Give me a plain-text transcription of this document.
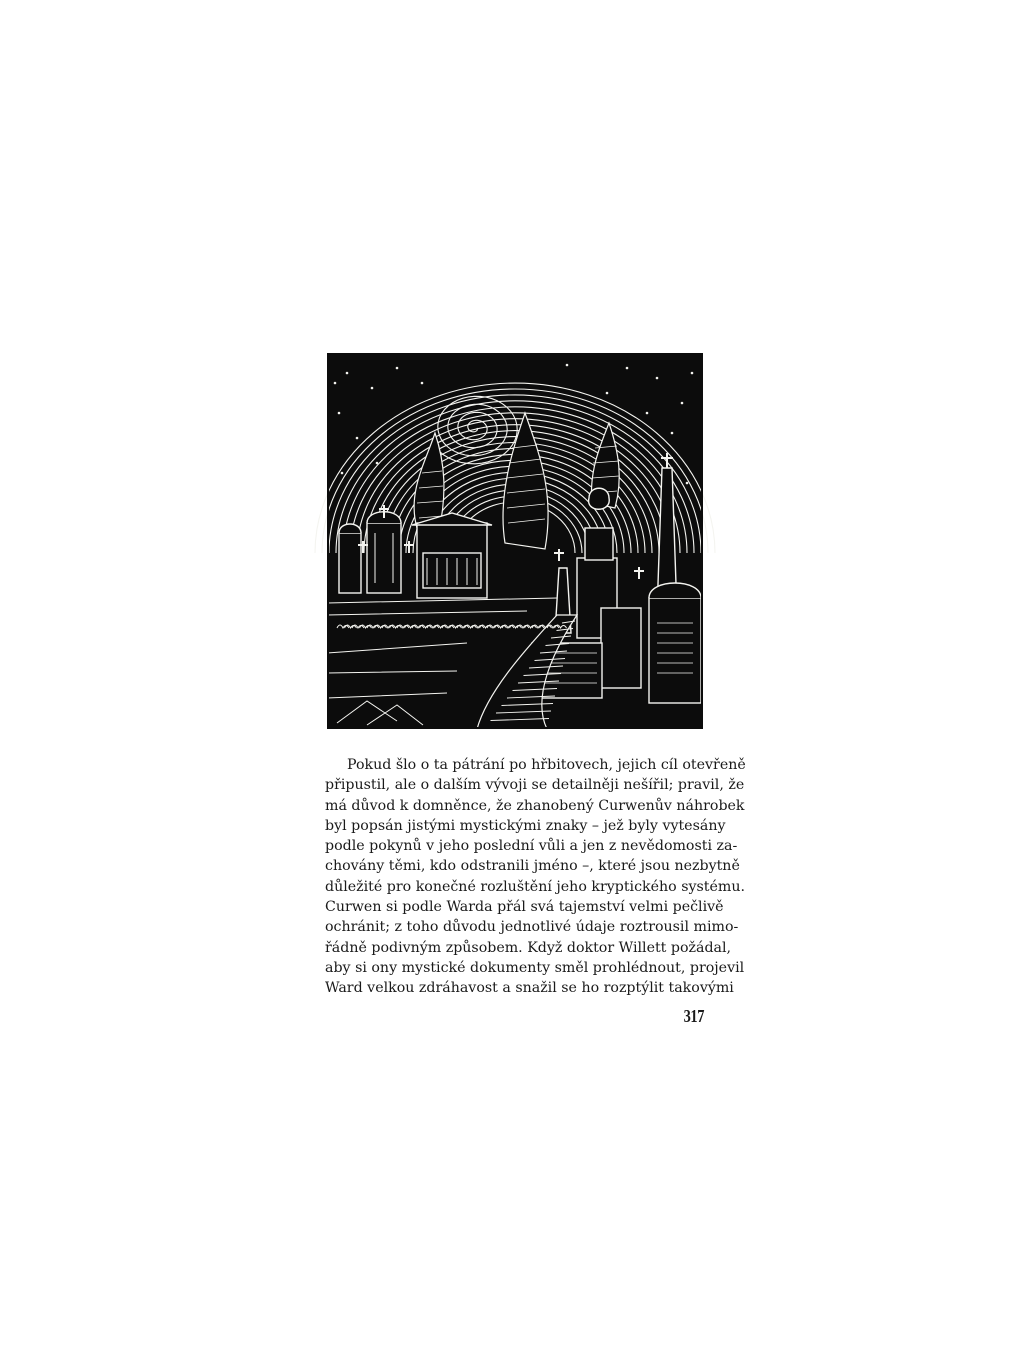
Pokud šlo o ta pátrání po hřbitovech, jejich cíl otevřeně
připustil, ale o dalším vývoji se detailněji nešířil; pravil, že
má důvod k domněnce, že zhanobený Curwenův náhrobek
byl popsán jistými mystickými znaky – jež byly vytesány
podle pokynů v jeho poslední vůli a jen z nevědomosti za-
chovány těmi, kdo odstranili jméno –, které jsou nezbytně
důležité pro konečné rozluštění jeho kryptického systému.
Curwen si podle Warda přál svá tajemství velmi pečlivě
ochránit; z toho důvodu jednotlivé údaje roztrousil mimo-
řádně podivným způsobem. Když doktor Willett požádal,
aby si ony mystické dokumenty směl prohlédnout, projevil
Ward velkou zdráhavost a snažil se ho rozptýlit takovými
317
